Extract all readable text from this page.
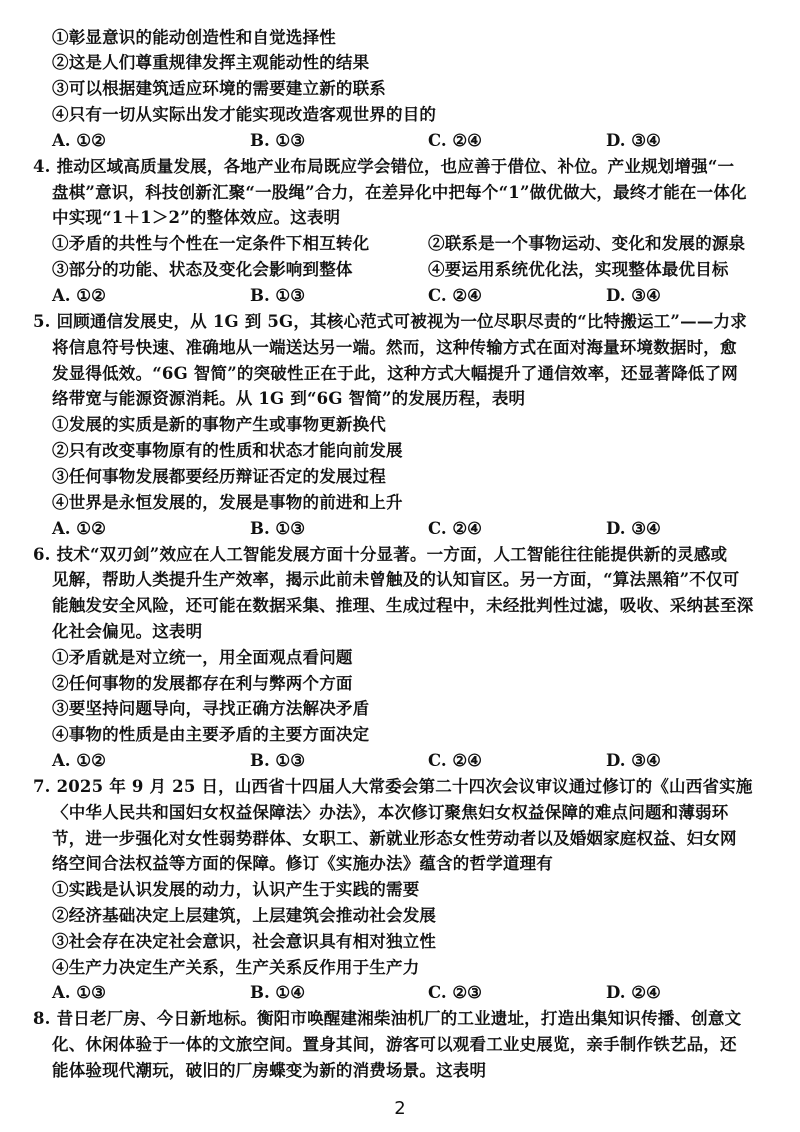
①彰显意识的能动创造性和自觉选择性
②这是人们尊重规律发挥主观能动性的结果
③可以根据建筑适应环境的需要建立新的联系
④只有一切从实际出发才能实现改造客观世界的目的
A. ①②	B. ①③	C. ②④	D. ③④
4. 推动区域高质量发展，各地产业布局既应学会错位，也应善于借位、补位。产业规划增强“一
盘棋”意识，科技创新汇聚“一股绳”合力，在差异化中把每个“1”做优做大，最终才能在一体化
中实现“1＋1＞2”的整体效应。这表明
①矛盾的共性与个性在一定条件下相互转化	②联系是一个事物运动、变化和发展的源泉
③部分的功能、状态及变化会影响到整体	④要运用系统优化法，实现整体最优目标
A. ①②	B. ①③	C. ②④	D. ③④
5. 回顾通信发展史，从 1G 到 5G，其核心范式可被视为一位尽职尽责的“比特搬运工”——力求
将信息符号快速、准确地从一端送达另一端。然而，这种传输方式在面对海量环境数据时，愈
发显得低效。“6G 智简”的突破性正在于此，这种方式大幅提升了通信效率，还显著降低了网
络带宽与能源资源消耗。从 1G 到“6G 智简”的发展历程，表明
①发展的实质是新的事物产生或事物更新换代
②只有改变事物原有的性质和状态才能向前发展
③任何事物发展都要经历辩证否定的发展过程
④世界是永恒发展的，发展是事物的前进和上升
A. ①②	B. ①③	C. ②④	D. ③④
6. 技术“双刃剑”效应在人工智能发展方面十分显著。一方面，人工智能往往能提供新的灵感或
见解，帮助人类提升生产效率，揭示此前未曾触及的认知盲区。另一方面，“算法黑箱”不仅可
能触发安全风险，还可能在数据采集、推理、生成过程中，未经批判性过滤，吸收、采纳甚至深
化社会偏见。这表明
①矛盾就是对立统一，用全面观点看问题
②任何事物的发展都存在利与弊两个方面
③要坚持问题导向，寻找正确方法解决矛盾
④事物的性质是由主要矛盾的主要方面决定
A. ①②	B. ①③	C. ②④	D. ③④
7. 2025 年 9 月 25 日，山西省十四届人大常委会第二十四次会议审议通过修订的《山西省实施
〈中华人民共和国妇女权益保障法〉办法》，本次修订聚焦妇女权益保障的难点问题和薄弱环
节，进一步强化对女性弱势群体、女职工、新就业形态女性劳动者以及婚姻家庭权益、妇女网
络空间合法权益等方面的保障。修订《实施办法》蕴含的哲学道理有
①实践是认识发展的动力，认识产生于实践的需要
②经济基础决定上层建筑，上层建筑会推动社会发展
③社会存在决定社会意识，社会意识具有相对独立性
④生产力决定生产关系，生产关系反作用于生产力
A. ①③	B. ①④	C. ②③	D. ②④
8. 昔日老厂房、今日新地标。衡阳市唤醒建湘柴油机厂的工业遗址，打造出集知识传播、创意文
化、休闲体验于一体的文旅空间。置身其间，游客可以观看工业史展览，亲手制作铁艺品，还
能体验现代潮玩，破旧的厂房蝶变为新的消费场景。这表明
2
